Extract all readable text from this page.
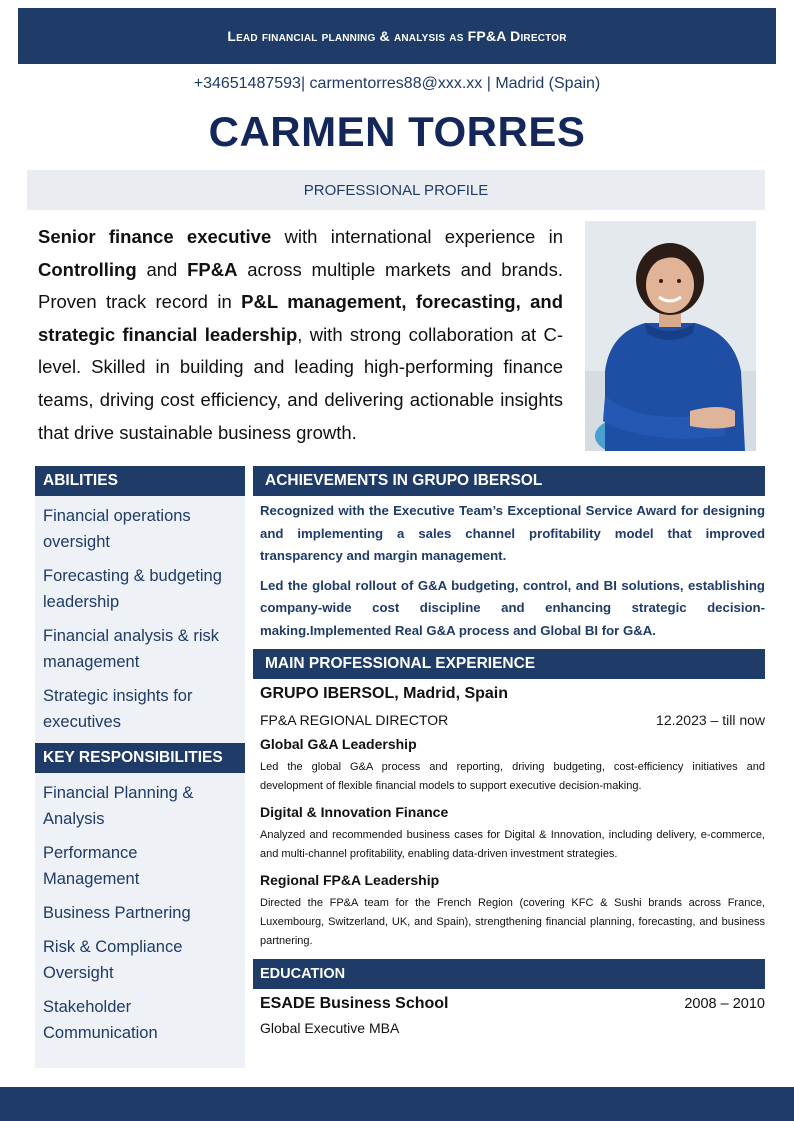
Lead financial planning & analysis as FP&A Director
+34651487593| carmentorres88@xxx.xx | Madrid (Spain)
CARMEN TORRES
PROFESSIONAL PROFILE
Senior finance executive with international experience in Controlling and FP&A across multiple markets and brands. Proven track record in P&L management, forecasting, and strategic financial leadership, with strong collaboration at C-level. Skilled in building and leading high-performing finance teams, driving cost efficiency, and delivering actionable insights that drive sustainable business growth.
ABILITIES
Financial operations oversight
Forecasting & budgeting leadership
Financial analysis & risk management
Strategic insights for executives
KEY RESPONSIBILITIES
Financial Planning & Analysis
Performance Management
Business Partnering
Risk & Compliance Oversight
Stakeholder Communication
ACHIEVEMENTS IN GRUPO IBERSOL

Recognized with the Executive Team’s Exceptional Service Award for designing and implementing a sales channel profitability model that improved transparency and margin management.

Led the global rollout of G&A budgeting, control, and BI solutions, establishing company-wide cost discipline and enhancing strategic decision-making.Implemented Real G&A process and Global BI for G&A.

MAIN PROFESSIONAL EXPERIENCE
GRUPO IBERSOL, Madrid, Spain
FP&A REGIONAL DIRECTOR	12.2023 – till now
Global G&A Leadership
Led the global G&A process and reporting, driving budgeting, cost-efficiency initiatives and development of flexible financial models to support executive decision-making.
Digital & Innovation Finance
Analyzed and recommended business cases for Digital & Innovation, including delivery, e-commerce, and multi-channel profitability, enabling data-driven investment strategies.
Regional FP&A Leadership
Directed the FP&A team for the French Region (covering KFC & Sushi brands across France, Luxembourg, Switzerland, UK, and Spain), strengthening financial planning, forecasting, and business partnering.
EDUCATION
ESADE Business School	2008 – 2010
Global Executive MBA
